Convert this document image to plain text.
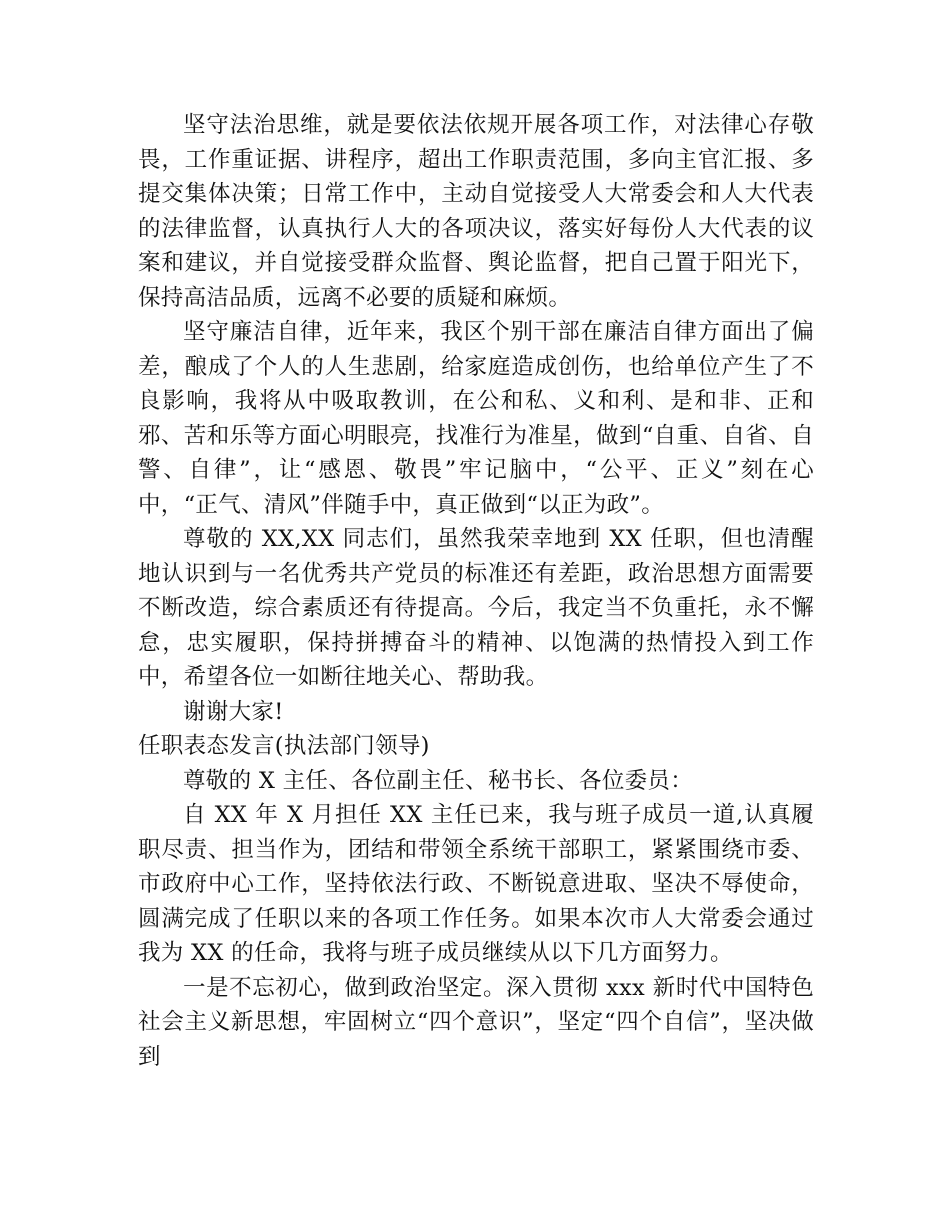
坚守法治思维，就是要依法依规开展各项工作，对法律心存敬畏，工作重证据、讲程序，超出工作职责范围，多向主官汇报、多提交集体决策；日常工作中，主动自觉接受人大常委会和人大代表的法律监督，认真执行人大的各项决议，落实好每份人大代表的议案和建议，并自觉接受群众监督、舆论监督，把自己置于阳光下，保持高洁品质，远离不必要的质疑和麻烦。

坚守廉洁自律，近年来，我区个别干部在廉洁自律方面出了偏差，酿成了个人的人生悲剧，给家庭造成创伤，也给单位产生了不良影响，我将从中吸取教训，在公和私、义和利、是和非、正和邪、苦和乐等方面心明眼亮，找准行为准星，做到“自重、自省、自警、自律”，让“感恩、敬畏”牢记脑中，“公平、正义”刻在心中，“正气、清风”伴随手中，真正做到“以正为政”。

尊敬的 XX,XX 同志们，虽然我荣幸地到 XX 任职，但也清醒地认识到与一名优秀共产党员的标准还有差距，政治思想方面需要不断改造，综合素质还有待提高。今后，我定当不负重托，永不懈怠，忠实履职，保持拼搏奋斗的精神、以饱满的热情投入到工作中，希望各位一如断往地关心、帮助我。

谢谢大家!

任职表态发言(执法部门领导)

尊敬的 X 主任、各位副主任、秘书长、各位委员：

自 XX 年 X 月担任 XX 主任已来，我与班子成员一道,认真履职尽责、担当作为，团结和带领全系统干部职工，紧紧围绕市委、市政府中心工作，坚持依法行政、不断锐意进取、坚决不辱使命，圆满完成了任职以来的各项工作任务。如果本次市人大常委会通过我为 XX 的任命，我将与班子成员继续从以下几方面努力。

一是不忘初心，做到政治坚定。深入贯彻 xxx 新时代中国特色社会主义新思想，牢固树立“四个意识”，坚定“四个自信”，坚决做到
